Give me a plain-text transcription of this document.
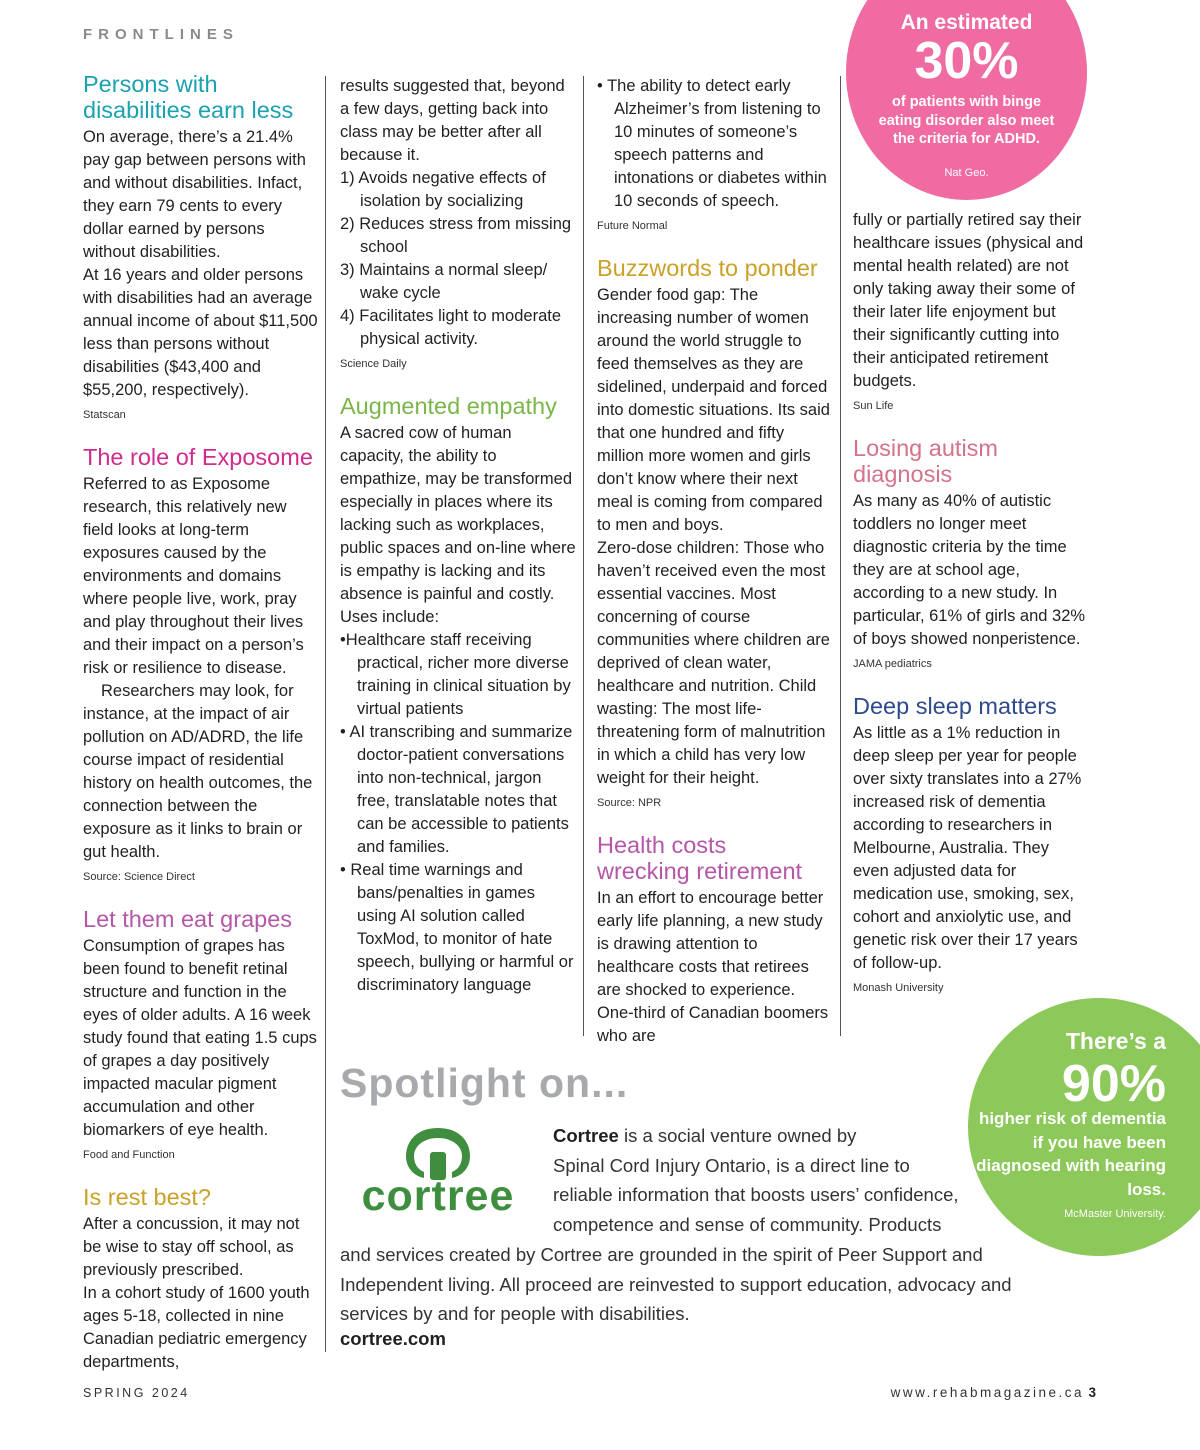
FRONTLINES
Persons with
disabilities earn less

On average, there’s a 21.4% pay gap between persons with and without disabilities. Infact, they earn 79 cents to every dollar earned by persons without disabilities.

At 16 years and older persons with disabilities had an average annual income of about $11,500 less than persons without disabilities ($43,400 and $55,200, respectively).

Statscan
The role of Exposome

Referred to as Exposome research, this relatively new field looks at long-term exposures caused by the environments and domains where people live, work, pray and play throughout their lives and their impact on a person’s risk or resilience to disease.

Researchers may look, for instance, at the impact of air pollution on AD/ADRD, the life course impact of residential history on health outcomes, the connection between the exposure as it links to brain or gut health.

Source: Science Direct
Let them eat grapes

Consumption of grapes has been found to benefit retinal structure and function in the eyes of older adults. A 16 week study found that eating 1.5 cups of grapes a day positively impacted macular pigment accumulation and other biomarkers of eye health.

Food and Function
Is rest best?

After a concussion, it may not be wise to stay off school, as previously prescribed.

In a cohort study of 1600 youth ages 5-18, collected in nine Canadian pediatric emergency departments,

results suggested that, beyond a few days, getting back into class may be better after all because it.

1) Avoids negative effects of isolation by socializing
2) Reduces stress from missing school
3) Maintains a normal sleep/ wake cycle
4) Facilitates light to moderate physical activity.
Science Daily
Augmented empathy

A sacred cow of human capacity, the ability to empathize, may be transformed especially in places where its lacking such as workplaces, public spaces and on-line where is empathy is lacking and its absence is painful and costly. Uses include:

•Healthcare staff receiving practical, richer more diverse training in clinical situation by virtual patients
• AI transcribing and summarize doctor-patient conversations into non-technical, jargon free, translatable notes that can be accessible to patients and families.
• Real time warnings and bans/penalties in games using AI solution called ToxMod, to monitor of hate speech, bullying or harmful or discriminatory language
• The ability to detect early Alzheimer’s from listening to 10 minutes of someone’s speech patterns and intonations or diabetes within 10 seconds of speech.
Future Normal
Buzzwords to ponder

Gender food gap: The increasing number of women around the world struggle to feed themselves as they are sidelined, underpaid and forced into domestic situations. Its said that one hundred and fifty million more women and girls don’t know where their next meal is coming from compared to men and boys.

Zero-dose children: Those who haven’t received even the most essential vaccines. Most concerning of course communities where children are deprived of clean water, healthcare and nutrition. Child wasting: The most life-threatening form of malnutrition in which a child has very low weight for their height.

Source: NPR
Health costs
wrecking retirement

In an effort to encourage better early life planning, a new study is drawing attention to healthcare costs that retirees are shocked to experience. One-third of Canadian boomers who are

fully or partially retired say their healthcare issues (physical and mental health related) are not only taking away their some of their later life enjoyment but their significantly cutting into their anticipated retirement budgets.

Sun Life
Losing autism
diagnosis

As many as 40% of autistic toddlers no longer meet diagnostic criteria by the time they are at school age, according to a new study. In particular, 61% of girls and 32% of boys showed nonperistence.

JAMA pediatrics
Deep sleep matters

As little as a 1% reduction in deep sleep per year for people over sixty translates into a 27% increased risk of dementia according to researchers in Melbourne, Australia. They even adjusted data for medication use, smoking, sex, cohort and anxiolytic use, and genetic risk over their 17 years of follow-up.

Monash University
An estimated
30%
of patients with binge eating disorder also meet the criteria for ADHD.
Nat Geo.
Spotlight on...
cortree
Cortree is a social venture owned by
Spinal Cord Injury Ontario, is a direct line to
reliable information that boosts users’ confidence,
competence and sense of community. Products
and services created by Cortree are grounded in the spirit of Peer Support and
Independent living. All proceed are reinvested to support education, advocacy and
services by and for people with disabilities.
cortree.com
There’s a
90%
higher risk of dementia if you have been diagnosed with hearing loss.
McMaster University.
SPRING 2024	www.rehabmagazine.ca 3
